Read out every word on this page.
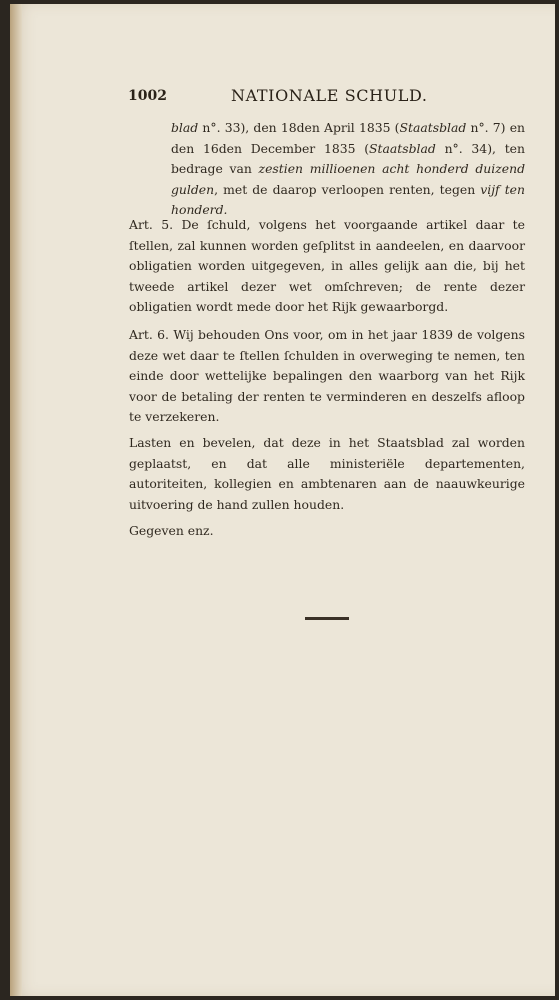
1002	NATIONALE SCHULD.
blad n°. 33), den 18den April 1835 (Staatsblad n°. 7) en den 16den December 1835 (Staatsblad n°. 34), ten bedrage van zestien millioenen acht honderd duizend gulden, met de daarop verloopen renten, tegen vijf ten honderd.
Art. 5. De ſchuld, volgens het voorgaande artikel daar te ſtellen, zal kunnen worden geſplitst in aandeelen, en daarvoor obligatien worden uitgegeven, in alles gelijk aan die, bij het tweede artikel dezer wet omſchreven; de rente dezer obligatien wordt mede door het Rijk gewaarborgd.
Art. 6. Wij behouden Ons voor, om in het jaar 1839 de volgens deze wet daar te ſtellen ſchulden in overweging te nemen, ten einde door wettelijke bepalingen den waarborg van het Rijk voor de betaling der renten te verminderen en deszelfs afloop te verzekeren.
Lasten en bevelen, dat deze in het Staatsblad zal worden geplaatst, en dat alle ministeriële departementen, autoriteiten, kollegien en ambtenaren aan de naauwkeurige uitvoering de hand zullen houden.
Gegeven enz.
